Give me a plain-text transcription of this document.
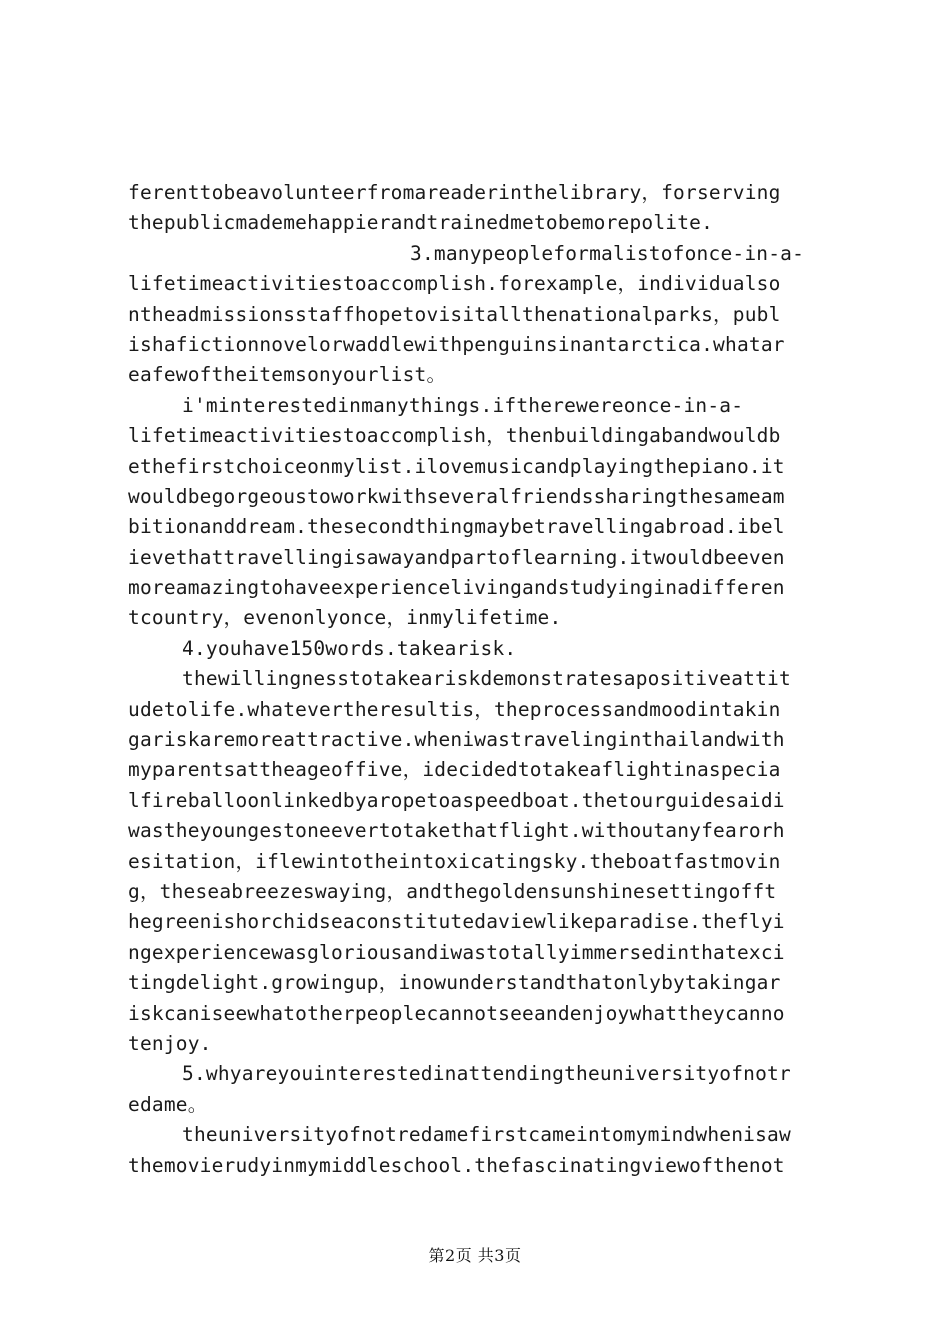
ferenttobeavolunteerfromareaderinthelibrary，forserving
thepublicmademehappierandtrainedmetobemorepolite.
3.manypeopleformalistofonce-in-a-
lifetimeactivitiestoaccomplish.forexample，individualso
ntheadmissionsstaffhopetovisitallthenationalparks，publ
ishafictionnovelorwaddlewithpenguinsinantarctica.whatar
eafewoftheitemsonyourlist。
i'minterestedinmanythings.iftherewereonce-in-a-
lifetimeactivitiestoaccomplish，thenbuildingabandwouldb
ethefirstchoiceonmylist.ilovemusicandplayingthepiano.it
wouldbegorgeoustoworkwithseveralfriendssharingthesameam
bitionanddream.thesecondthingmaybetravellingabroad.ibel
ievethattravellingisawayandpartoflearning.itwouldbeeven
moreamazingtohaveexperiencelivingandstudyinginadifferen
tcountry，evenonlyonce，inmylifetime.
4.youhave150words.takearisk.
thewillingnesstotakeariskdemonstratesapositiveattit
udetolife.whatevertheresultis，theprocessandmoodintakin
gariskaremoreattractive.wheniwastravelinginthailandwith
myparentsattheageoffive，idecidedtotakeaflightinaspecia
lfireballoonlinkedbyaropetoaspeedboat.thetourguidesaidi
wastheyoungestoneevertotakethatflight.withoutanyfearorh
esitation，iflewintotheintoxicatingsky.theboatfastmovin
g，theseabreezeswaying，andthegoldensunshinesettingofft
hegreenishorchidseaconstitutedaviewlikeparadise.theflyi
ngexperiencewasgloriousandiwastotallyimmersedinthatexci
tingdelight.growingup，inowunderstandthatonlybytakingar
iskcaniseewhatotherpeoplecannotseeandenjoywhattheycanno
tenjoy.
5.whyareyouinterestedinattendingtheuniversityofnotr
edame。
theuniversityofnotredamefirstcameintomymindwhenisaw
themovierudyinmymiddleschool.thefascinatingviewofthenot
第2页 共3页
